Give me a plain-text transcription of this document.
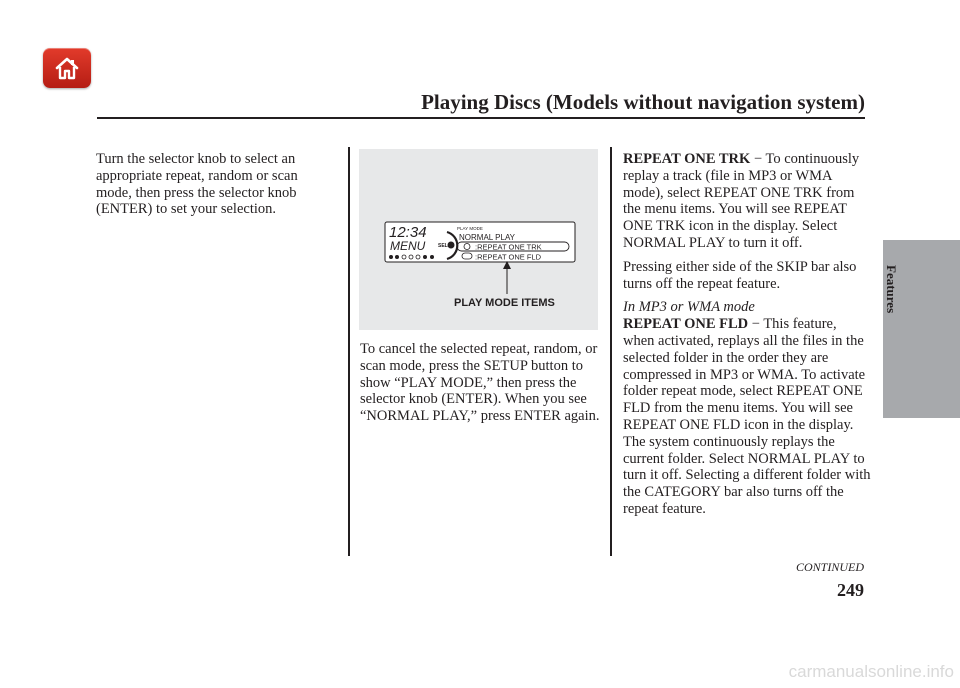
Playing Discs (Models without navigation system)
Features
Turn the selector knob to select an appropriate repeat, random or scan mode, then press the selector knob (ENTER) to set your selection.
12:34
MENU
PLAY MODE
SEL
NORMAL PLAY
:REPEAT ONE TRK
:REPEAT ONE FLD
PLAY MODE ITEMS
To cancel the selected repeat, random, or scan mode, press the SETUP button to show “PLAY MODE,” then press the selector knob (ENTER). When you see “NORMAL PLAY,” press ENTER again.

REPEAT ONE TRK − To continuously replay a track (file in MP3 or WMA mode), select REPEAT ONE TRK from the menu items. You will see REPEAT ONE TRK icon in the display. Select NORMAL PLAY to turn it off.

Pressing either side of the SKIP bar also turns off the repeat feature.

In MP3 or WMA mode

REPEAT ONE FLD − This feature, when activated, replays all the files in the selected folder in the order they are compressed in MP3 or WMA. To activate folder repeat mode, select REPEAT ONE FLD from the menu items. You will see REPEAT ONE FLD icon in the display. The system continuously replays the current folder. Select NORMAL PLAY to turn it off. Selecting a different folder with the CATEGORY bar also turns off the repeat feature.

CONTINUED
249
carmanualsonline.info
